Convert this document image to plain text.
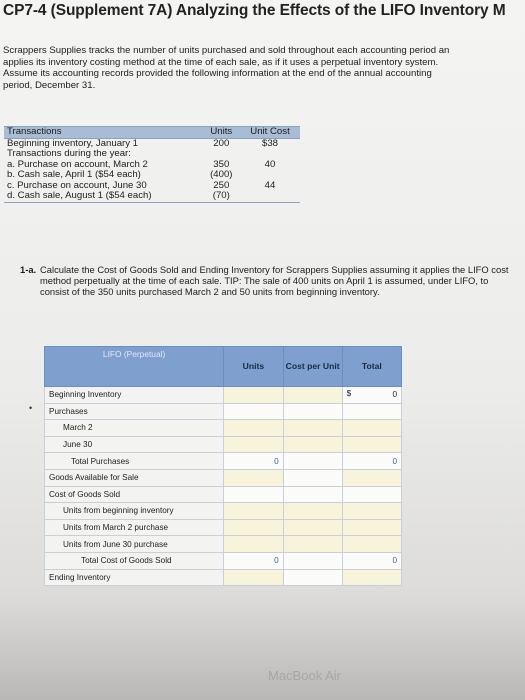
CP7-4 (Supplement 7A) Analyzing the Effects of the LIFO Inventory M
Scrappers Supplies tracks the number of units purchased and sold throughout each accounting period an
applies its inventory costing method at the time of each sale, as if it uses a perpetual inventory system.
Assume its accounting records provided the following information at the end of the annual accounting
period, December 31.
Transactions	Units	Unit Cost
Beginning inventory, January 1	200	$38
Transactions during the year:		
a. Purchase on account, March 2	350	40
b. Cash sale, April 1 ($54 each)	(400)	
c. Purchase on account, June 30	250	44
d. Cash sale, August 1 ($54 each)	(70)	
1-a. Calculate the Cost of Goods Sold and Ending Inventory for Scrappers Supplies assuming it applies the LIFO cost method perpetually at the time of each sale. TIP: The sale of 400 units on April 1 is assumed, under LIFO, to consist of the 350 units purchased March 2 and 50 units from beginning inventory.
•
LIFO (Perpetual)	Units	Cost per Unit	Total
Beginning Inventory			$ 0
Purchases			
March 2			
June 30			
Total Purchases	0		0
Goods Available for Sale			
Cost of Goods Sold			
Units from beginning inventory			
Units from March 2 purchase			
Units from June 30 purchase			
Total Cost of Goods Sold	0		0
Ending Inventory			
MacBook Air
